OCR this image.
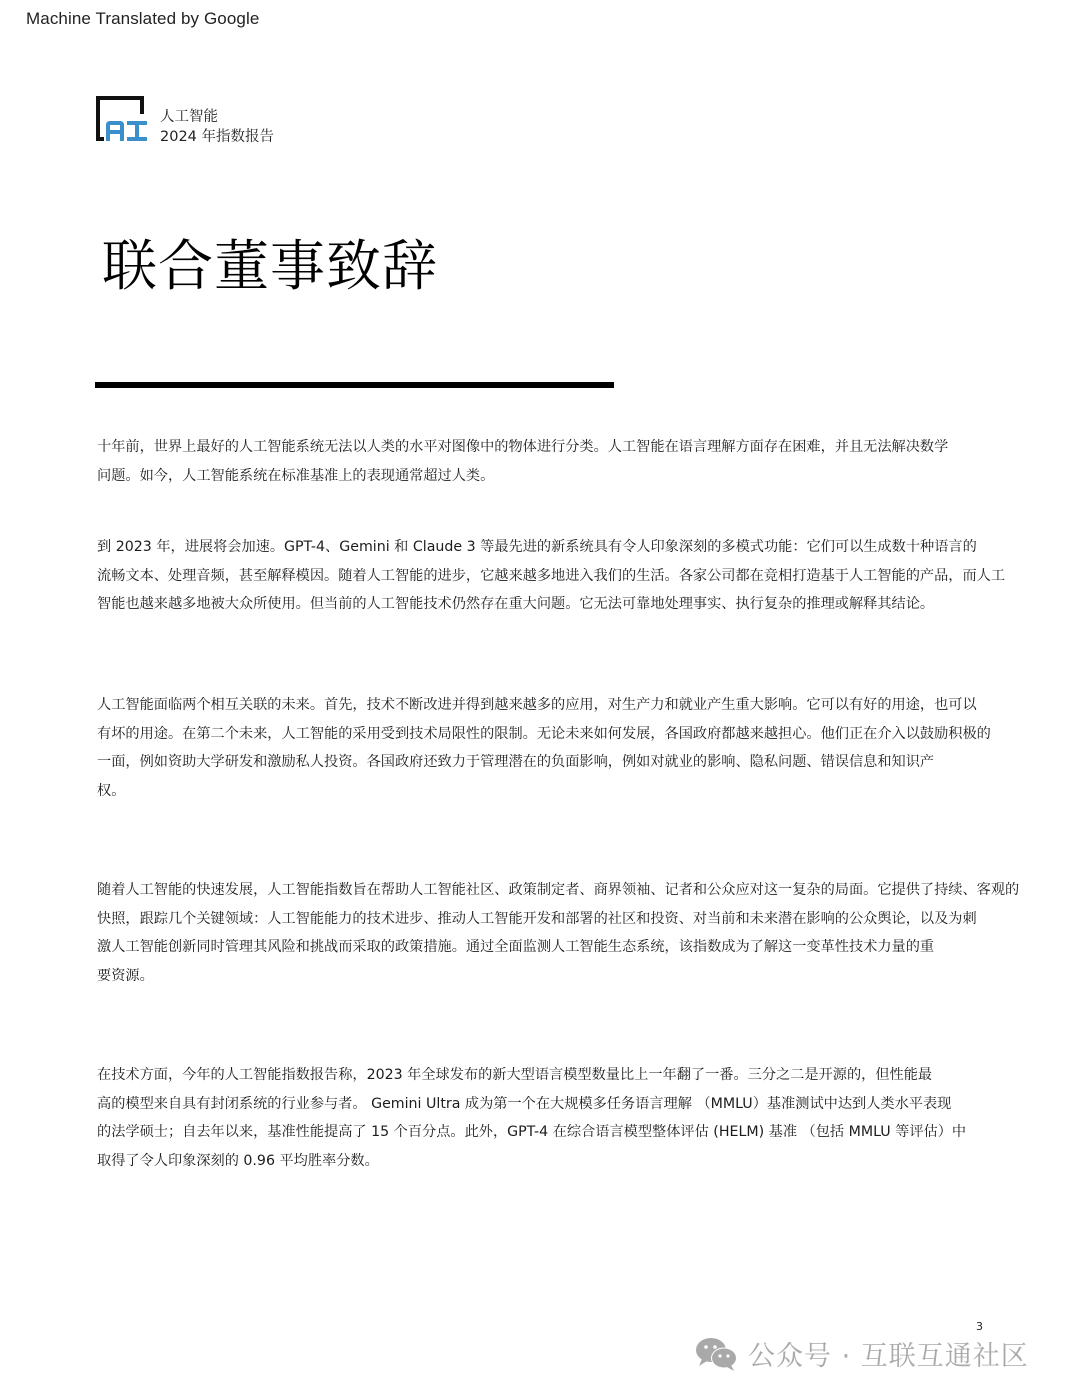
Machine Translated by Google
人工智能
2024 年指数报告
联合董事致辞

十年前，世界上最好的人工智能系统无法以人类的水平对图像中的物体进行分类。人工智能在语言理解方面存在困难，并且无法解决数学
问题。如今，人工智能系统在标准基准上的表现通常超过人类。

到 2023 年，进展将会加速。GPT-4、Gemini 和 Claude 3 等最先进的新系统具有令人印象深刻的多模式功能：它们可以生成数十种语言的
流畅文本、处理音频，甚至解释模因。随着人工智能的进步，它越来越多地进入我们的生活。各家公司都在竞相打造基于人工智能的产品，而人工
智能也越来越多地被大众所使用。但当前的人工智能技术仍然存在重大问题。它无法可靠地处理事实、执行复杂的推理或解释其结论。

人工智能面临两个相互关联的未来。首先，技术不断改进并得到越来越多的应用，对生产力和就业产生重大影响。它可以有好的用途，也可以
有坏的用途。在第二个未来，人工智能的采用受到技术局限性的限制。无论未来如何发展，各国政府都越来越担心。他们正在介入以鼓励积极的
一面，例如资助大学研发和激励私人投资。各国政府还致力于管理潜在的负面影响，例如对就业的影响、隐私问题、错误信息和知识产
权。

随着人工智能的快速发展，人工智能指数旨在帮助人工智能社区、政策制定者、商界领袖、记者和公众应对这一复杂的局面。它提供了持续、客观的
快照，跟踪几个关键领域：人工智能能力的技术进步、推动人工智能开发和部署的社区和投资、对当前和未来潜在影响的公众舆论，以及为刺
激人工智能创新同时管理其风险和挑战而采取的政策措施。通过全面监测人工智能生态系统，该指数成为了解这一变革性技术力量的重
要资源。

在技术方面，今年的人工智能指数报告称，2023 年全球发布的新大型语言模型数量比上一年翻了一番。三分之二是开源的，但性能最
高的模型来自具有封闭系统的行业参与者。 Gemini Ultra 成为第一个在大规模多任务语言理解 （MMLU）基准测试中达到人类水平表现
的法学硕士；自去年以来，基准性能提高了 15 个百分点。此外，GPT-4 在综合语言模型整体评估 (HELM) 基准 （包括 MMLU 等评估）中
取得了令人印象深刻的 0.96 平均胜率分数。

3
公众号 · 互联互通社区
